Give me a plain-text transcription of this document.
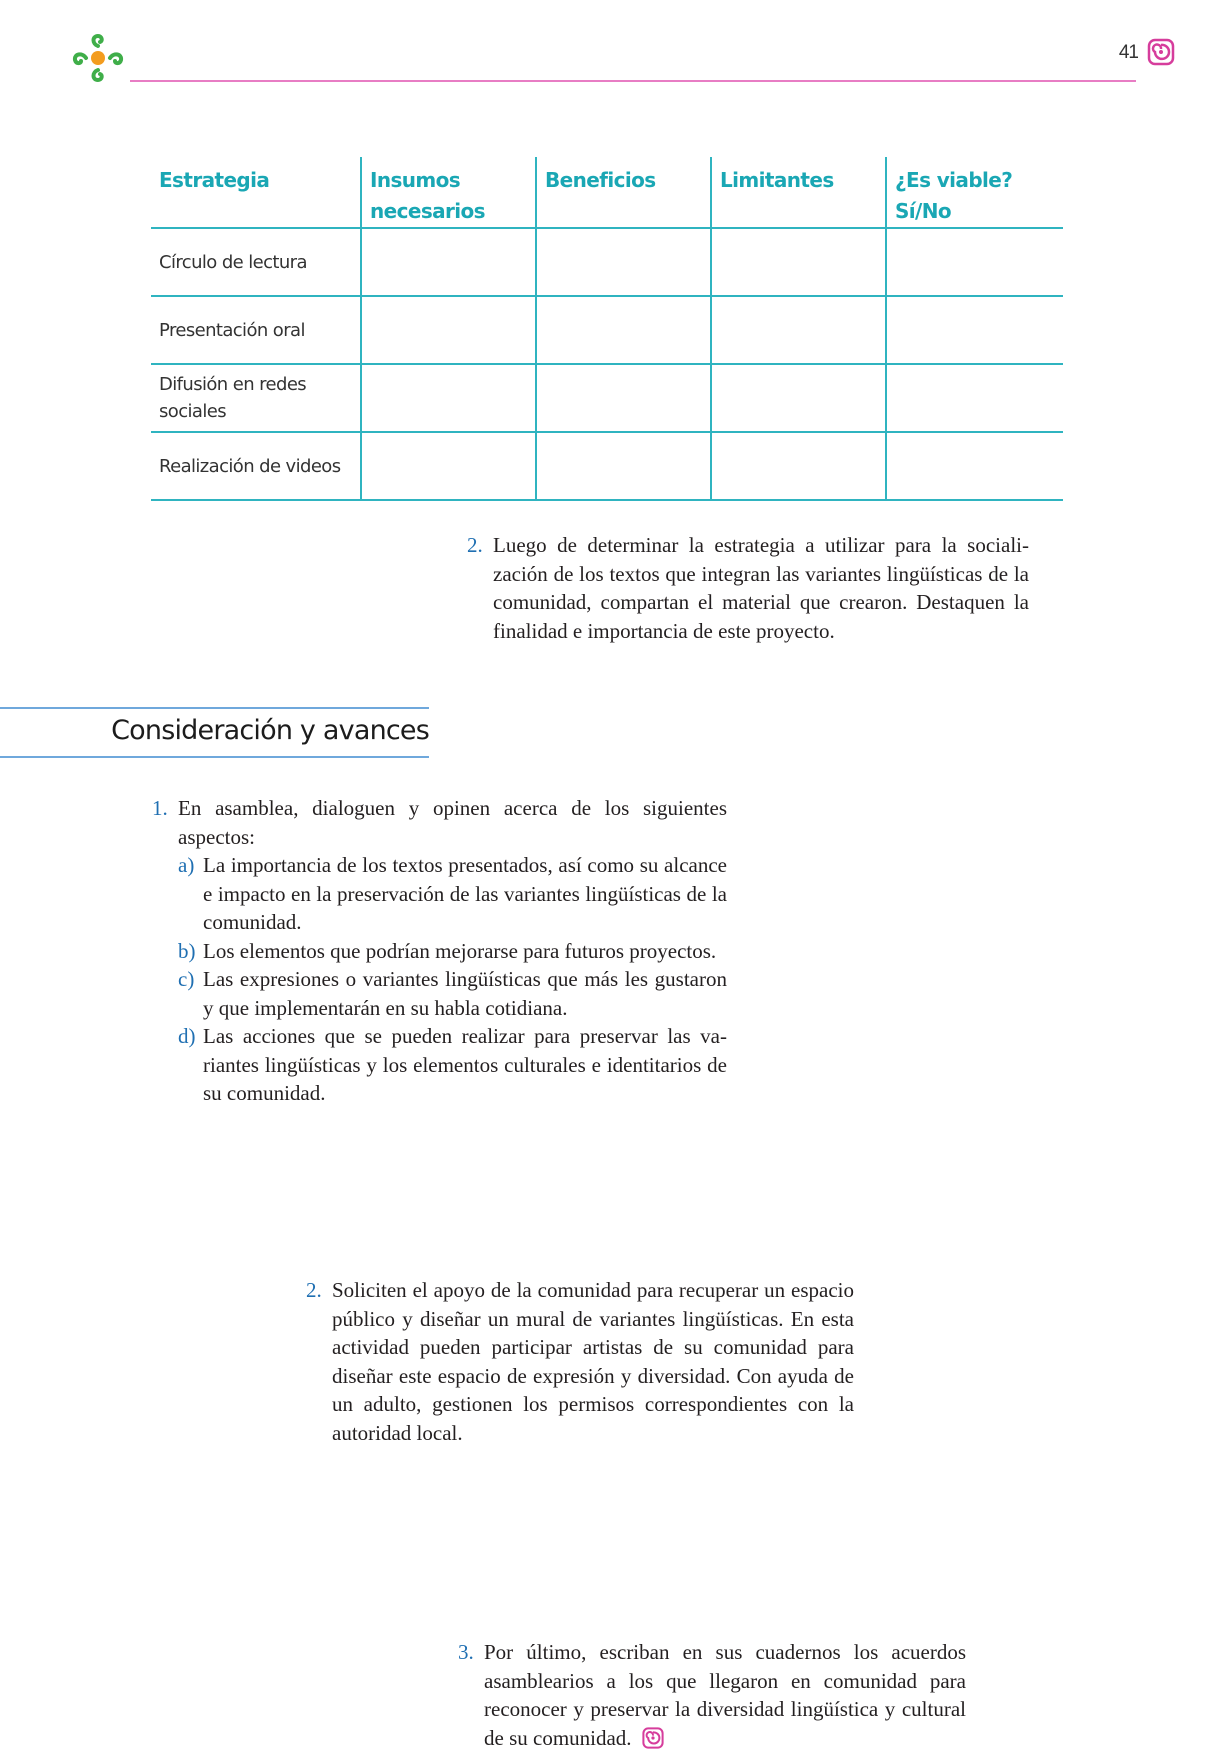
41
Estrategia	Insumos necesarios	Beneficios	Limitantes	¿Es viable? Sí/No
Círculo de lectura				
Presentación oral				
Difusión en redes sociales				
Realización de videos				
2. Luego de determinar la estrategia a utilizar para la socialización de los textos que integran las variantes lingüísticas de la comunidad, compartan el material que crearon. Destaquen la finalidad e importancia de este proyecto.
Consideración y avances
1. En asamblea, dialoguen y opinen acerca de los siguientes aspectos:
a) La importancia de los textos presentados, así como su alcance e impacto en la preservación de las variantes lingüísticas de la comunidad.
b) Los elementos que podrían mejorarse para futuros proyectos.
c) Las expresiones o variantes lingüísticas que más les gustaron y que implementarán en su habla cotidiana.
d) Las acciones que se pueden realizar para preservar las variantes lingüísticas y los elementos culturales e identitarios de su comunidad.
2. Soliciten el apoyo de la comunidad para recuperar un espacio público y diseñar un mural de variantes lingüísticas. En esta actividad pueden participar artistas de su comunidad para diseñar este espacio de expresión y diversidad. Con ayuda de un adulto, gestionen los permisos correspondientes con la autoridad local.
3. Por último, escriban en sus cuadernos los acuerdos asamblearios a los que llegaron en comunidad para reconocer y preservar la diversidad lingüística y cultural de su comunidad.
